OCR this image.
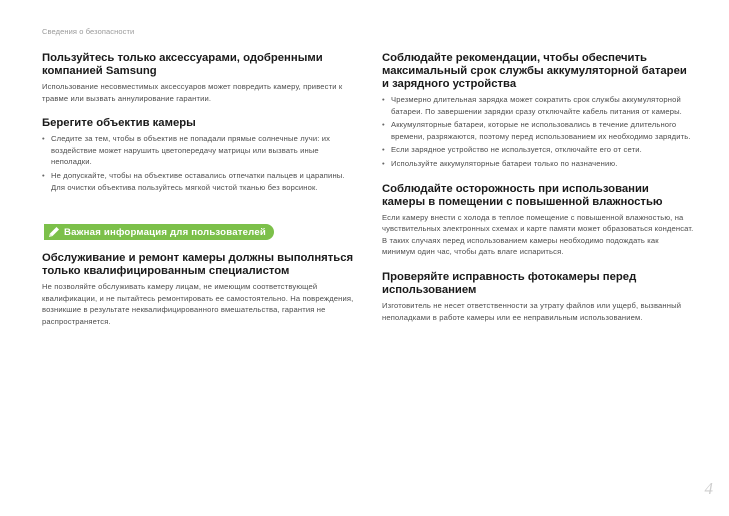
Сведения о безопасности
Пользуйтесь только аксессуарами, одобренными компанией Samsung

Использование несовместимых аксессуаров может повредить камеру, привести к травме или вызвать аннулирование гарантии.

Берегите объектив камеры
• Следите за тем, чтобы в объектив не попадали прямые солнечные лучи: их воздействие может нарушить цветопередачу матрицы или вызвать иные неполадки.
• Не допускайте, чтобы на объективе оставались отпечатки пальцев и царапины. Для очистки объектива пользуйтесь мягкой чистой тканью без ворсинок.
Важная информация для пользователей
Обслуживание и ремонт камеры должны выполняться только квалифицированным специалистом

Не позволяйте обслуживать камеру лицам, не имеющим соответствующей квалификации, и не пытайтесь ремонтировать ее самостоятельно. На повреждения, возникшие в результате неквалифицированного вмешательства, гарантия не распространяется.

Соблюдайте рекомендации, чтобы обеспечить максимальный срок службы аккумуляторной батареи и зарядного устройства
• Чрезмерно длительная зарядка может сократить срок службы аккумуляторной батареи. По завершении зарядки сразу отключайте кабель питания от камеры.
• Аккумуляторные батареи, которые не использовались в течение длительного времени, разряжаются, поэтому перед использованием их необходимо зарядить.
• Если зарядное устройство не используется, отключайте его от сети.
• Используйте аккумуляторные батареи только по назначению.
Соблюдайте осторожность при использовании камеры в помещении с повышенной влажностью

Если камеру внести с холода в теплое помещение с повышенной влажностью, на чувствительных электронных схемах и карте памяти может образоваться конденсат. В таких случаях перед использованием камеры необходимо подождать как минимум один час, чтобы дать влаге испариться.

Проверяйте исправность фотокамеры перед использованием

Изготовитель не несет ответственности за утрату файлов или ущерб, вызванный неполадками в работе камеры или ее неправильным использованием.

4
